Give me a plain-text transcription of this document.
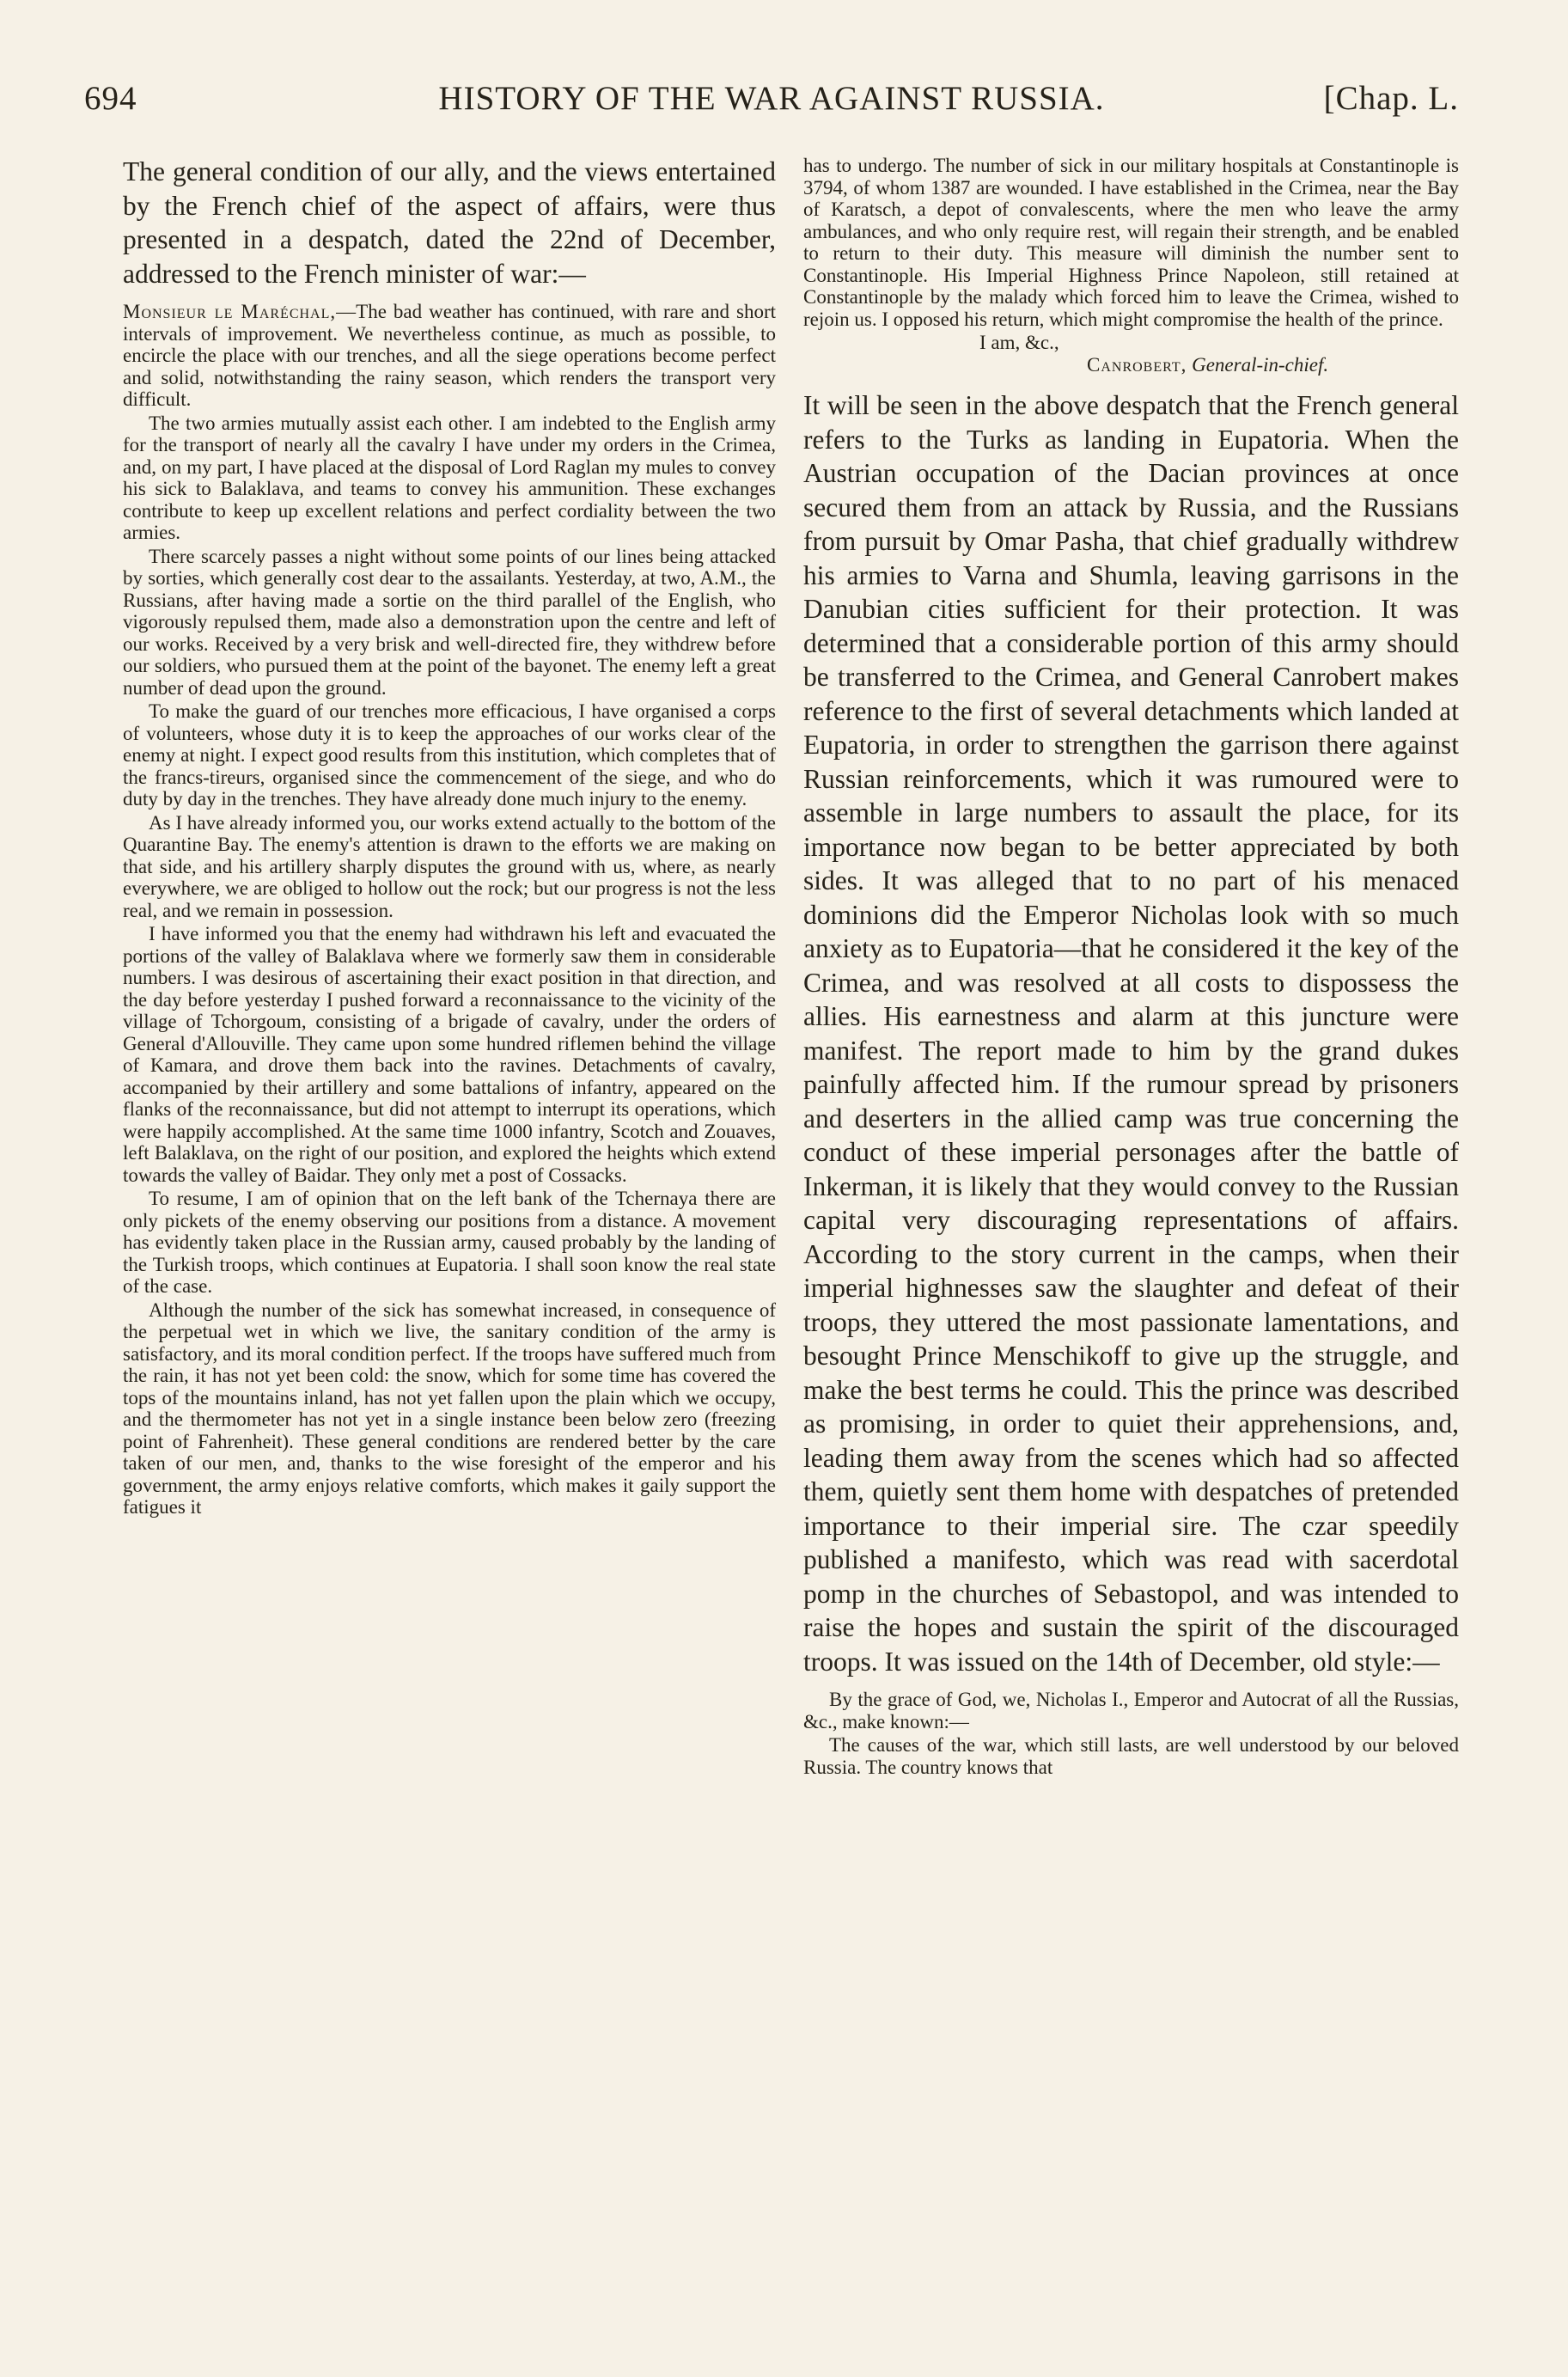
694	HISTORY OF THE WAR AGAINST RUSSIA.	[Chap. L.

The general condition of our ally, and the views entertained by the French chief of the aspect of affairs, were thus presented in a despatch, dated the 22nd of December, addressed to the French minister of war:—

Monsieur le Maréchal,—The bad weather has continued, with rare and short intervals of improvement. We nevertheless continue, as much as possible, to encircle the place with our trenches, and all the siege operations become perfect and solid, notwithstanding the rainy season, which renders the transport very difficult.

The two armies mutually assist each other. I am indebted to the English army for the transport of nearly all the cavalry I have under my orders in the Crimea, and, on my part, I have placed at the disposal of Lord Raglan my mules to convey his sick to Balaklava, and teams to convey his ammunition. These exchanges contribute to keep up excellent relations and perfect cordiality between the two armies.

There scarcely passes a night without some points of our lines being attacked by sorties, which generally cost dear to the assailants. Yesterday, at two, A.M., the Russians, after having made a sortie on the third parallel of the English, who vigorously repulsed them, made also a demonstration upon the centre and left of our works. Received by a very brisk and well-directed fire, they withdrew before our soldiers, who pursued them at the point of the bayonet. The enemy left a great number of dead upon the ground.

To make the guard of our trenches more efficacious, I have organised a corps of volunteers, whose duty it is to keep the approaches of our works clear of the enemy at night. I expect good results from this institution, which completes that of the francs-tireurs, organised since the commencement of the siege, and who do duty by day in the trenches. They have already done much injury to the enemy.

As I have already informed you, our works extend actually to the bottom of the Quarantine Bay. The enemy's attention is drawn to the efforts we are making on that side, and his artillery sharply disputes the ground with us, where, as nearly everywhere, we are obliged to hollow out the rock; but our progress is not the less real, and we remain in possession.

I have informed you that the enemy had withdrawn his left and evacuated the portions of the valley of Balaklava where we formerly saw them in considerable numbers. I was desirous of ascertaining their exact position in that direction, and the day before yesterday I pushed forward a reconnaissance to the vicinity of the village of Tchorgoum, consisting of a brigade of cavalry, under the orders of General d'Allouville. They came upon some hundred riflemen behind the village of Kamara, and drove them back into the ravines. Detachments of cavalry, accompanied by their artillery and some battalions of infantry, appeared on the flanks of the reconnaissance, but did not attempt to interrupt its operations, which were happily accomplished. At the same time 1000 infantry, Scotch and Zouaves, left Balaklava, on the right of our position, and explored the heights which extend towards the valley of Baidar. They only met a post of Cossacks.

To resume, I am of opinion that on the left bank of the Tchernaya there are only pickets of the enemy observing our positions from a distance. A movement has evidently taken place in the Russian army, caused probably by the landing of the Turkish troops, which continues at Eupatoria. I shall soon know the real state of the case.

Although the number of the sick has somewhat increased, in consequence of the perpetual wet in which we live, the sanitary condition of the army is satisfactory, and its moral condition perfect. If the troops have suffered much from the rain, it has not yet been cold: the snow, which for some time has covered the tops of the mountains inland, has not yet fallen upon the plain which we occupy, and the thermometer has not yet in a single instance been below zero (freezing point of Fahrenheit). These general conditions are rendered better by the care taken of our men, and, thanks to the wise foresight of the emperor and his government, the army enjoys relative comforts, which makes it gaily support the fatigues it

has to undergo. The number of sick in our military hospitals at Constantinople is 3794, of whom 1387 are wounded. I have established in the Crimea, near the Bay of Karatsch, a depot of convalescents, where the men who leave the army ambulances, and who only require rest, will regain their strength, and be enabled to return to their duty. This measure will diminish the number sent to Constantinople. His Imperial Highness Prince Napoleon, still retained at Constantinople by the malady which forced him to leave the Crimea, wished to rejoin us. I opposed his return, which might compromise the health of the prince.

I am, &c.,
Canrobert, General-in-chief.

It will be seen in the above despatch that the French general refers to the Turks as landing in Eupatoria. When the Austrian occupation of the Dacian provinces at once secured them from an attack by Russia, and the Russians from pursuit by Omar Pasha, that chief gradually withdrew his armies to Varna and Shumla, leaving garrisons in the Danubian cities sufficient for their protection. It was determined that a considerable portion of this army should be transferred to the Crimea, and General Canrobert makes reference to the first of several detachments which landed at Eupatoria, in order to strengthen the garrison there against Russian reinforcements, which it was rumoured were to assemble in large numbers to assault the place, for its importance now began to be better appreciated by both sides. It was alleged that to no part of his menaced dominions did the Emperor Nicholas look with so much anxiety as to Eupatoria—that he considered it the key of the Crimea, and was resolved at all costs to dispossess the allies. His earnestness and alarm at this juncture were manifest. The report made to him by the grand dukes painfully affected him. If the rumour spread by prisoners and deserters in the allied camp was true concerning the conduct of these imperial personages after the battle of Inkerman, it is likely that they would convey to the Russian capital very discouraging representations of affairs. According to the story current in the camps, when their imperial highnesses saw the slaughter and defeat of their troops, they uttered the most passionate lamentations, and besought Prince Menschikoff to give up the struggle, and make the best terms he could. This the prince was described as promising, in order to quiet their apprehensions, and, leading them away from the scenes which had so affected them, quietly sent them home with despatches of pretended importance to their imperial sire. The czar speedily published a manifesto, which was read with sacerdotal pomp in the churches of Sebastopol, and was intended to raise the hopes and sustain the spirit of the discouraged troops. It was issued on the 14th of December, old style:—

By the grace of God, we, Nicholas I., Emperor and Autocrat of all the Russias, &c., make known:—

The causes of the war, which still lasts, are well understood by our beloved Russia. The country knows that
